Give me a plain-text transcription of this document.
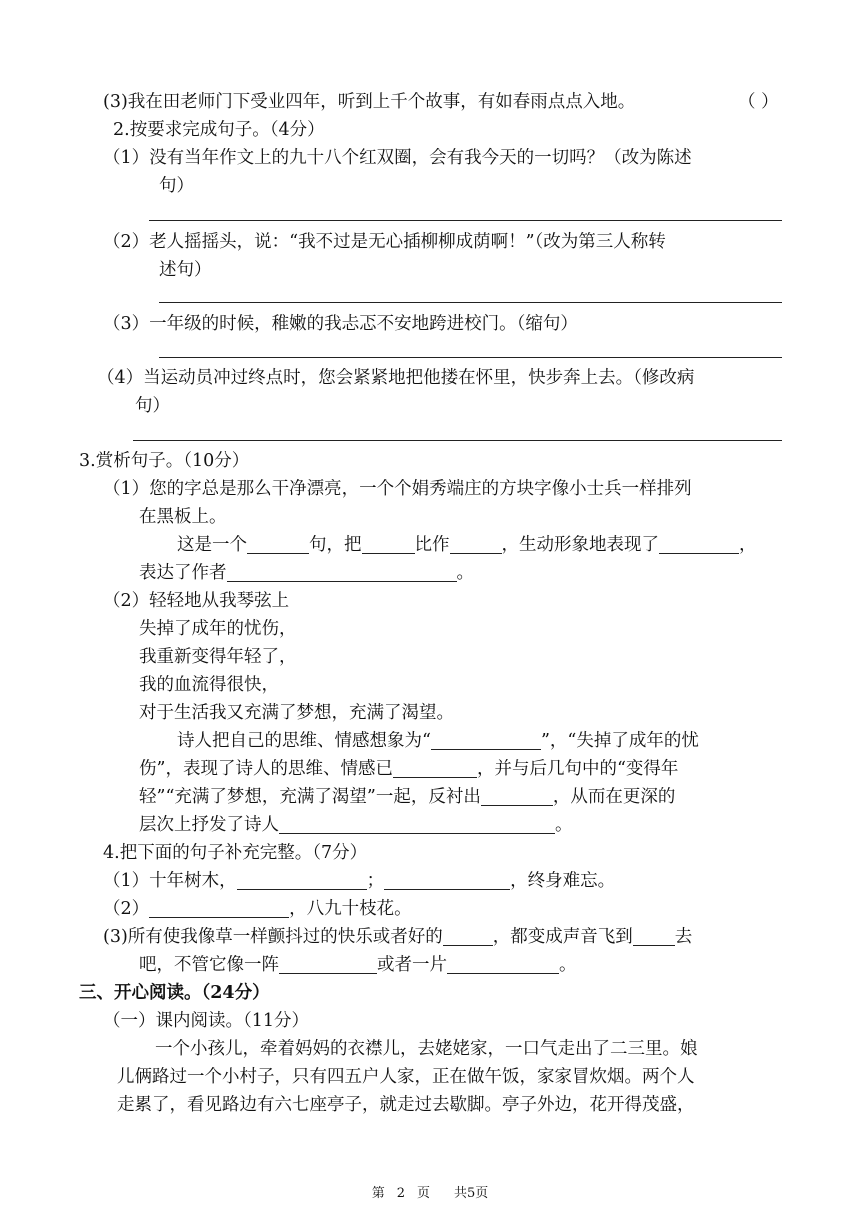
(3)我在田老师门下受业四年，听到上千个故事，有如春雨点点入地。	（ ）
2.按要求完成句子。（4分）
（1）没有当年作文上的九十八个红双圈，会有我今天的一切吗？（改为陈述
句）
（2）老人摇摇头，说：“我不过是无心插柳柳成荫啊！”（改为第三人称转
述句）
（3）一年级的时候，稚嫩的我忐忑不安地跨进校门。（缩句）
（4）当运动员冲过终点时，您会紧紧地把他搂在怀里，快步奔上去。（修改病
句）
3.赏析句子。（10分）
（1）您的字总是那么干净漂亮，一个个娟秀端庄的方块字像小士兵一样排列
在黑板上。
这是一个	句，把	比作	，生动形象地表现了	，
表达了作者	。
（2）轻轻地从我琴弦上
失掉了成年的忧伤，
我重新变得年轻了，
我的血流得很快，
对于生活我又充满了梦想，充满了渴望。
诗人把自己的思维、情感想象为“	”，“失掉了成年的忧
伤”，表现了诗人的思维、情感已	，并与后几句中的“变得年
轻”“充满了梦想，充满了渴望”一起，反衬出	，从而在更深的
层次上抒发了诗人	。
4.把下面的句子补充完整。（7分）
（1）十年树木，	；	，终身难忘。
（2）	，八九十枝花。
(3)所有使我像草一样颤抖过的快乐或者好的	，都变成声音飞到 去
吧，不管它像一阵	或者一片	。
三、开心阅读。（24分）
（一）课内阅读。（11分）
一个小孩儿，牵着妈妈的衣襟儿，去姥姥家，一口气走出了二三里。娘
儿俩路过一个小村子，只有四五户人家，正在做午饭，家家冒炊烟。两个人
走累了，看见路边有六七座亭子，就走过去歇脚。亭子外边，花开得茂盛，
第 2 页 共5页
